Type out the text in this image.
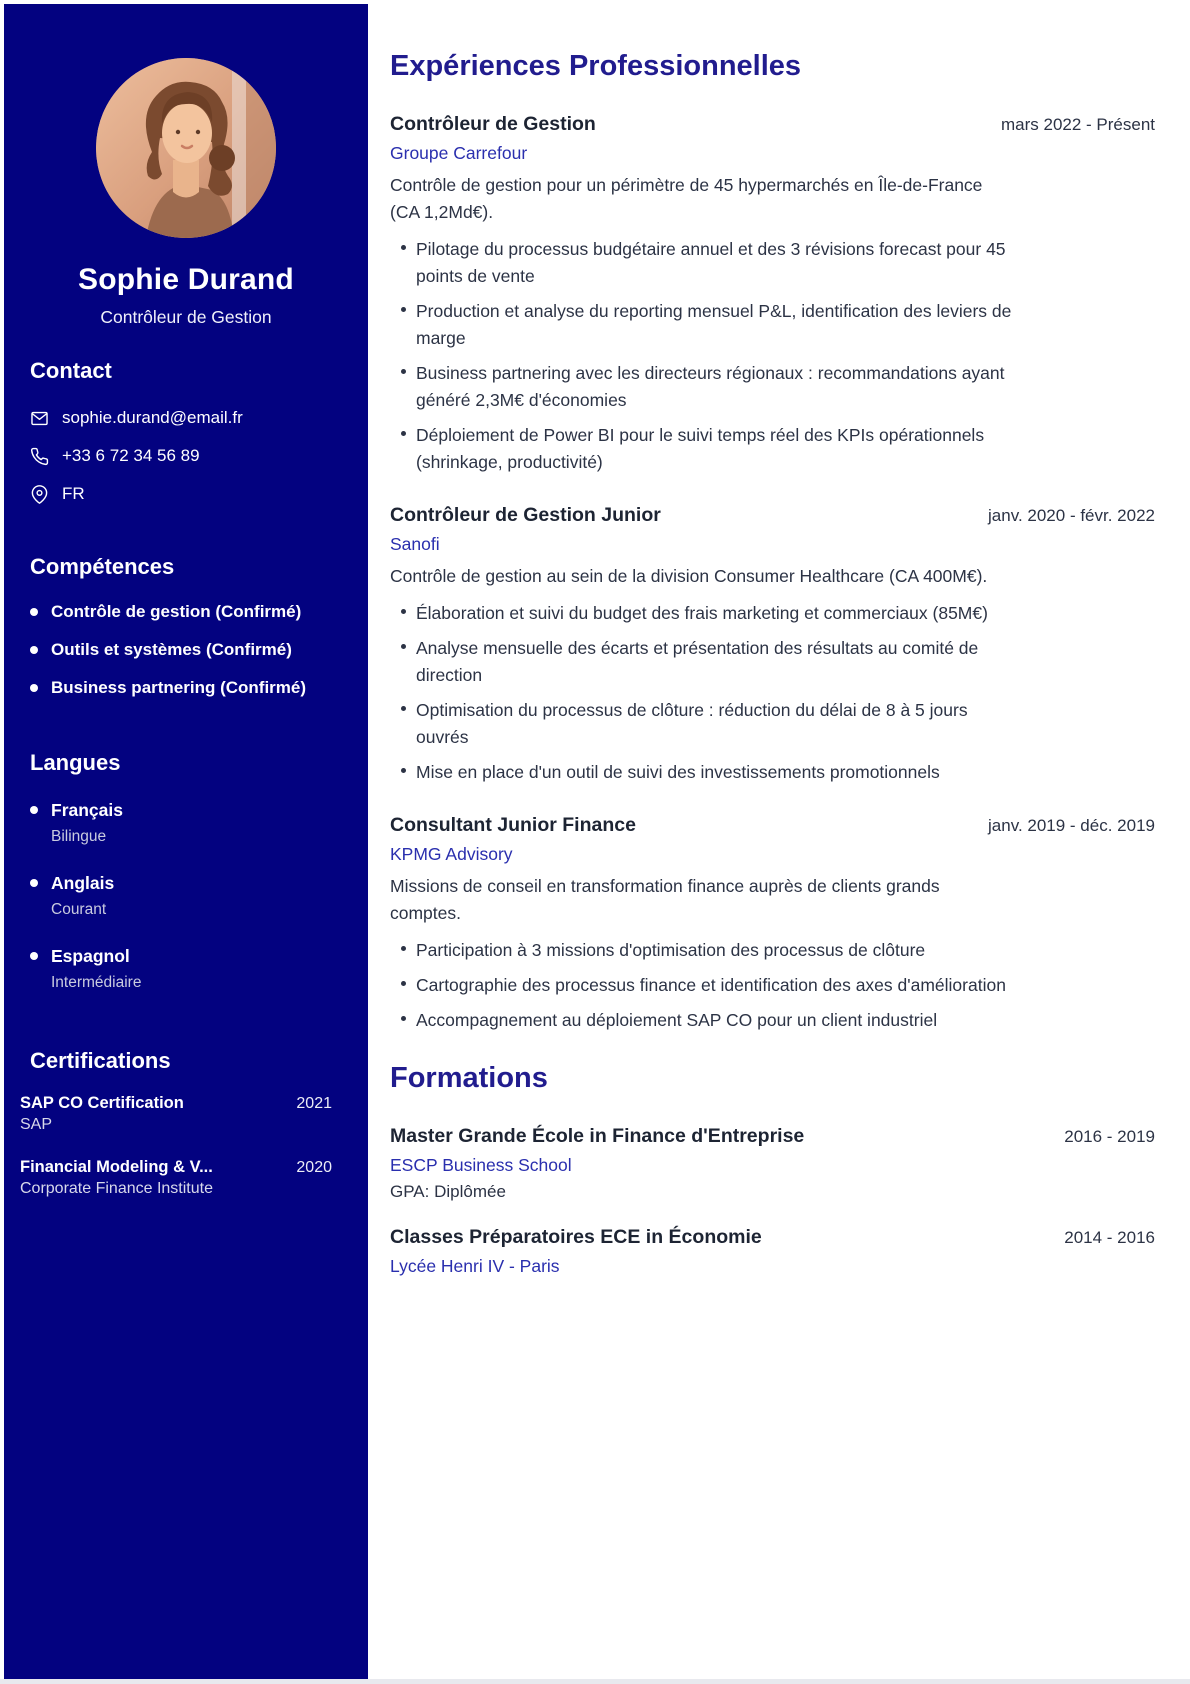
Sophie Durand
Contrôleur de Gestion
Contact
sophie.durand@email.fr
+33 6 72 34 56 89
FR
Compétences
Contrôle de gestion (Confirmé)
Outils et systèmes (Confirmé)
Business partnering (Confirmé)
Langues
Français
Bilingue
Anglais
Courant
Espagnol
Intermédiaire
Certifications
SAP CO Certification
SAP
2021
Financial Modeling & V...
Corporate Finance Institute
2020
Expériences Professionnelles
Contrôleur de Gestion	mars 2022 - Présent
Groupe Carrefour
Contrôle de gestion pour un périmètre de 45 hypermarchés en Île-de-France (CA 1,2Md€).
Pilotage du processus budgétaire annuel et des 3 révisions forecast pour 45 points de vente
Production et analyse du reporting mensuel P&L, identification des leviers de marge
Business partnering avec les directeurs régionaux : recommandations ayant généré 2,3M€ d'économies
Déploiement de Power BI pour le suivi temps réel des KPIs opérationnels (shrinkage, productivité)
Contrôleur de Gestion Junior	janv. 2020 - févr. 2022
Sanofi
Contrôle de gestion au sein de la division Consumer Healthcare (CA 400M€).
Élaboration et suivi du budget des frais marketing et commerciaux (85M€)
Analyse mensuelle des écarts et présentation des résultats au comité de direction
Optimisation du processus de clôture : réduction du délai de 8 à 5 jours ouvrés
Mise en place d'un outil de suivi des investissements promotionnels
Consultant Junior Finance	janv. 2019 - déc. 2019
KPMG Advisory
Missions de conseil en transformation finance auprès de clients grands comptes.
Participation à 3 missions d'optimisation des processus de clôture
Cartographie des processus finance et identification des axes d'amélioration
Accompagnement au déploiement SAP CO pour un client industriel
Formations
Master Grande École in Finance d'Entreprise	2016 - 2019
ESCP Business School
GPA: Diplômée
Classes Préparatoires ECE in Économie	2014 - 2016
Lycée Henri IV - Paris
